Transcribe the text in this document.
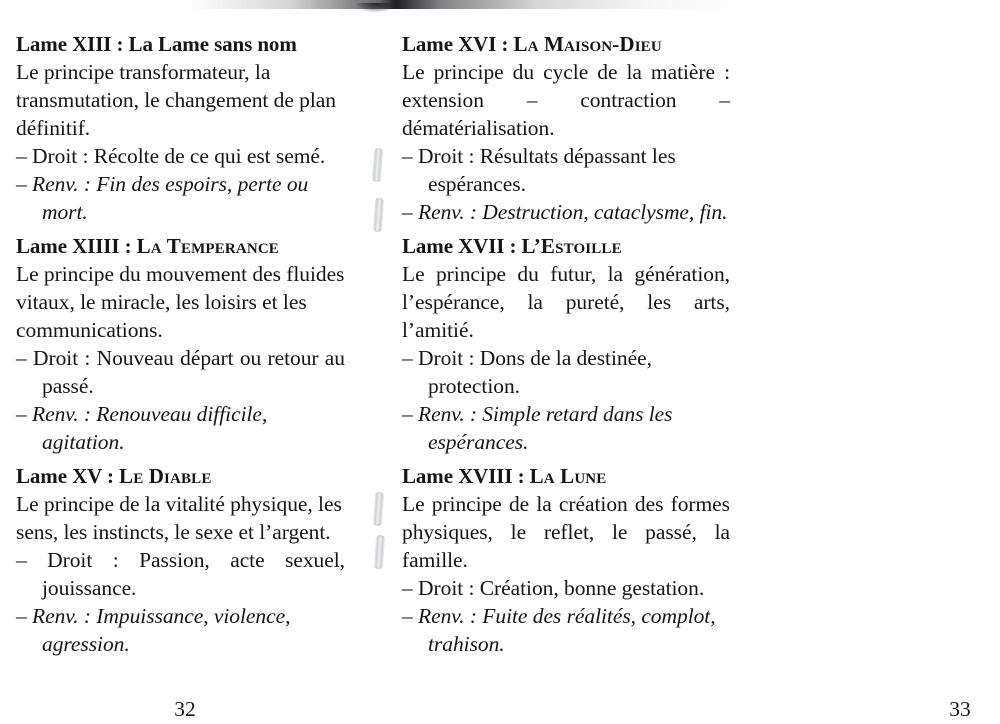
Lame XIII : La Lame sans nom

Le principe transformateur, la transmutation, le changement de plan définitif.

– Droit : Récolte de ce qui est semé.
– Renv. : Fin des espoirs, perte ou mort.

Lame XIIII : La Temperance

Le principe du mouvement des fluides vitaux, le miracle, les loisirs et les communications.

– Droit : Nouveau départ ou retour au passé.
– Renv. : Renouveau difficile, agitation.

Lame XV : Le Diable

Le principe de la vitalité physique, les sens, les instincts, le sexe et l’argent.

– Droit : Passion, acte sexuel, jouissance.
– Renv. : Impuissance, violence, agression.
32

Lame XVI : La Maison-Dieu

Le principe du cycle de la matière : extension – contraction – dématérialisation.

– Droit : Résultats dépassant les espérances.
– Renv. : Destruction, cataclysme, fin.

Lame XVII : L’Estoille

Le principe du futur, la génération, l’espérance, la pureté, les arts, l’amitié.

– Droit : Dons de la destinée, protection.
– Renv. : Simple retard dans les espérances.

Lame XVIII : La Lune

Le principe de la création des formes physiques, le reflet, le passé, la famille.

– Droit : Création, bonne gestation.
– Renv. : Fuite des réalités, complot, trahison.
33
